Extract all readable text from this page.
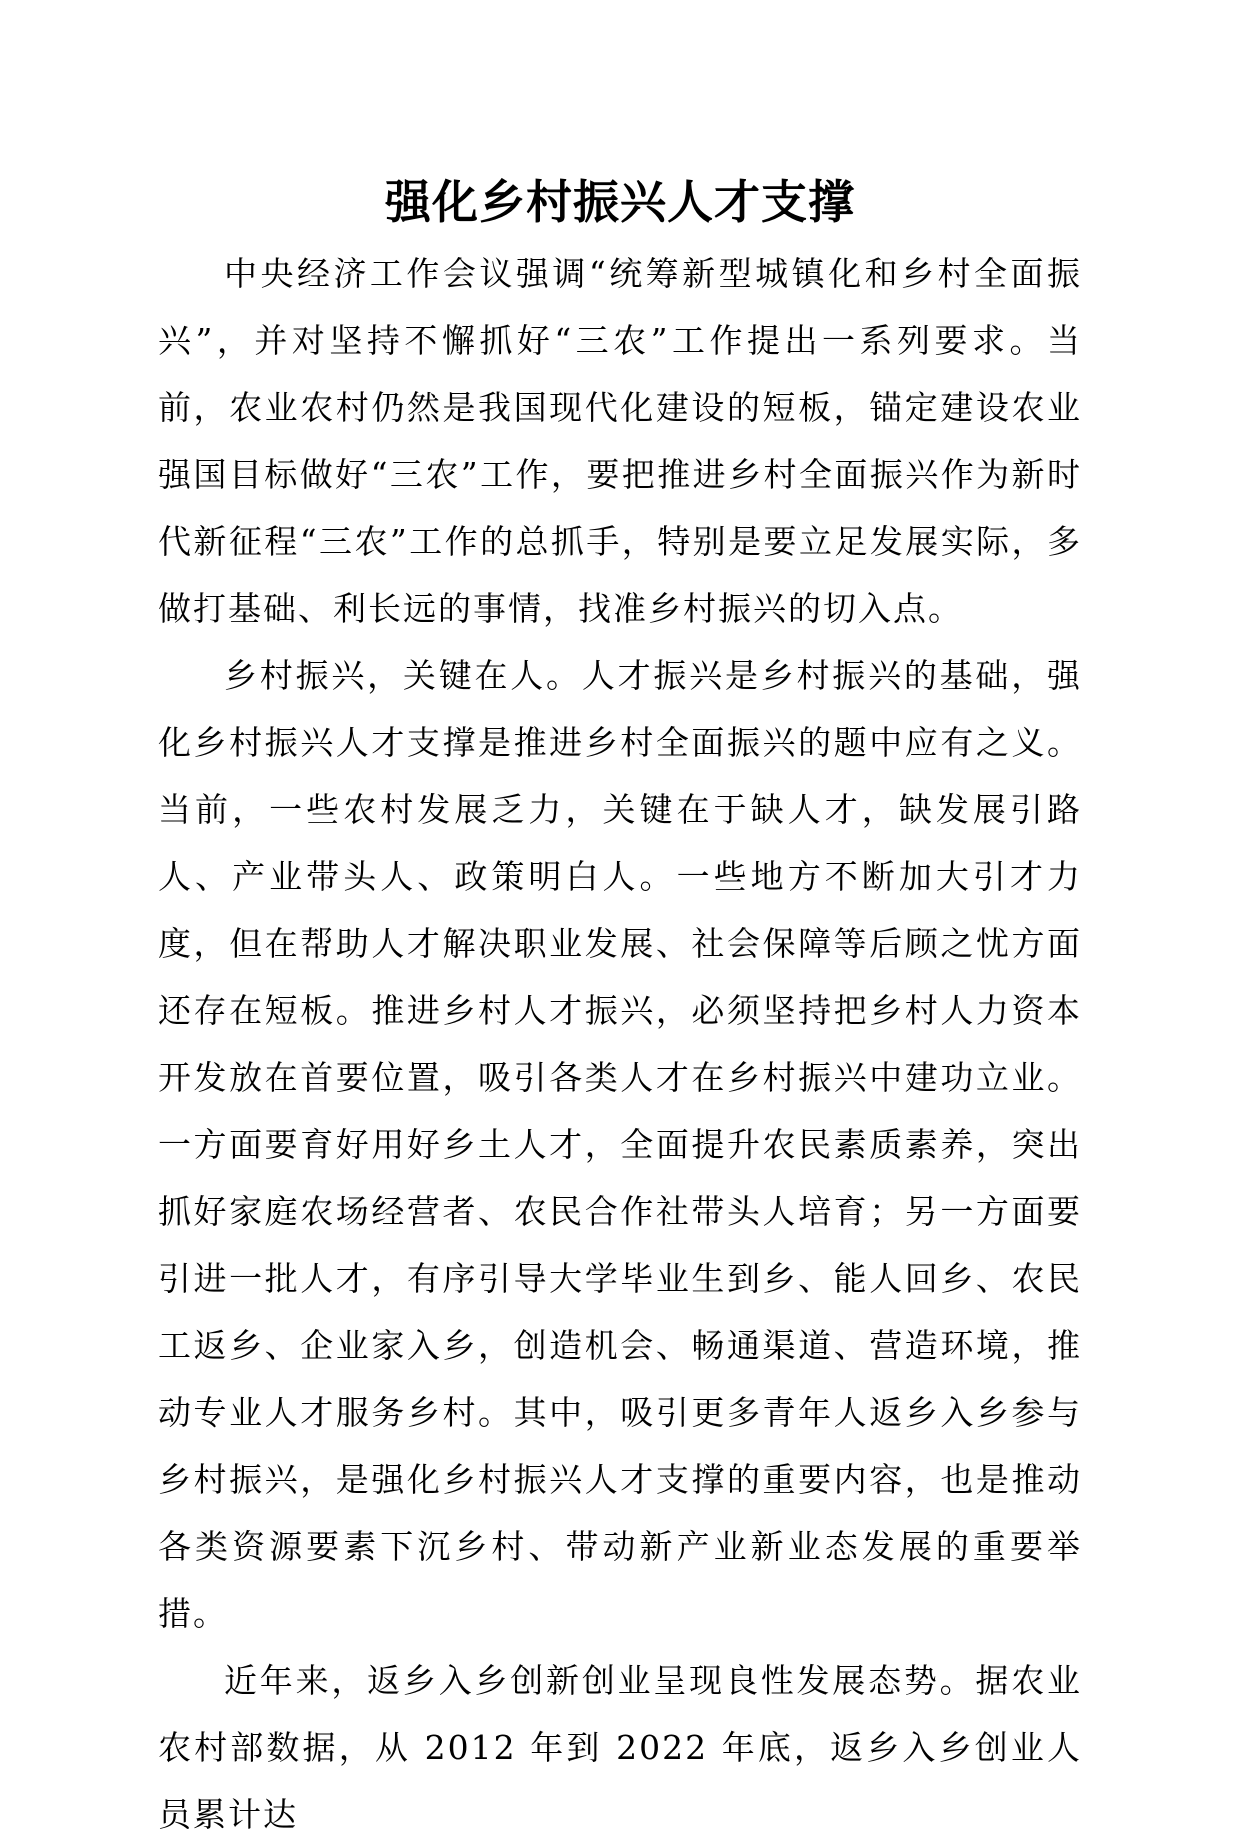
强化乡村振兴人才支撑

中央经济工作会议强调“统筹新型城镇化和乡村全面振兴”，并对坚持不懈抓好“三农”工作提出一系列要求。当前，农业农村仍然是我国现代化建设的短板，锚定建设农业强国目标做好“三农”工作，要把推进乡村全面振兴作为新时代新征程“三农”工作的总抓手，特别是要立足发展实际，多做打基础、利长远的事情，找准乡村振兴的切入点。

乡村振兴，关键在人。人才振兴是乡村振兴的基础，强化乡村振兴人才支撑是推进乡村全面振兴的题中应有之义。当前，一些农村发展乏力，关键在于缺人才，缺发展引路人、产业带头人、政策明白人。一些地方不断加大引才力度，但在帮助人才解决职业发展、社会保障等后顾之忧方面还存在短板。推进乡村人才振兴，必须坚持把乡村人力资本开发放在首要位置，吸引各类人才在乡村振兴中建功立业。一方面要育好用好乡土人才，全面提升农民素质素养，突出抓好家庭农场经营者、农民合作社带头人培育；另一方面要引进一批人才，有序引导大学毕业生到乡、能人回乡、农民工返乡、企业家入乡，创造机会、畅通渠道、营造环境，推动专业人才服务乡村。其中，吸引更多青年人返乡入乡参与乡村振兴，是强化乡村振兴人才支撑的重要内容，也是推动各类资源要素下沉乡村、带动新产业新业态发展的重要举措。

近年来，返乡入乡创新创业呈现良性发展态势。据农业农村部数据，从 2012 年到 2022 年底，返乡入乡创业人员累计达
